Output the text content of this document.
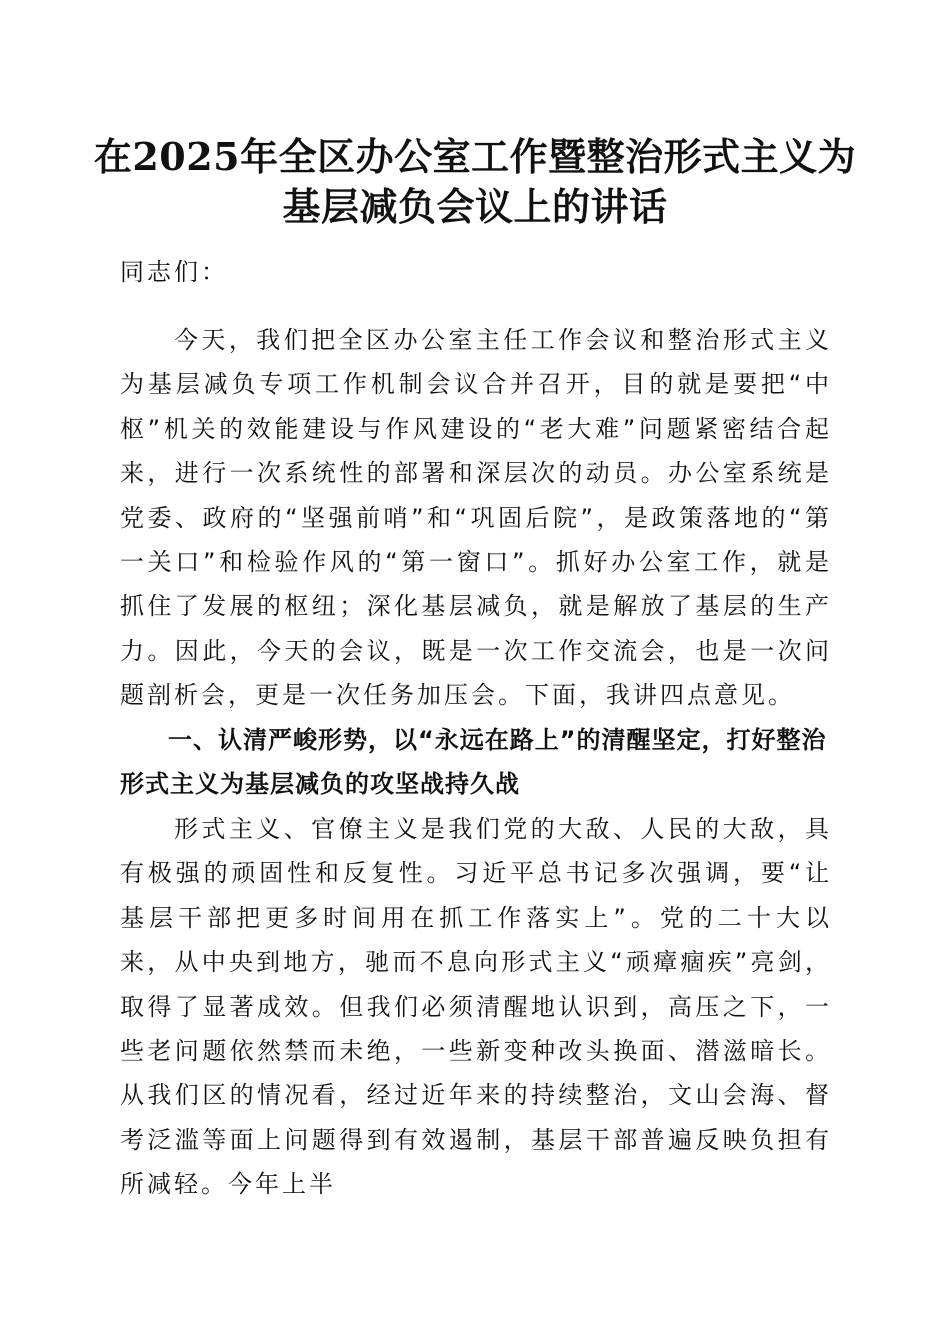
在2025年全区办公室工作暨整治形式主义为
基层减负会议上的讲话

同志们：

今天，我们把全区办公室主任工作会议和整治形式主义为基层减负专项工作机制会议合并召开，目的就是要把“中枢”机关的效能建设与作风建设的“老大难”问题紧密结合起来，进行一次系统性的部署和深层次的动员。办公室系统是党委、政府的“坚强前哨”和“巩固后院”，是政策落地的“第一关口”和检验作风的“第一窗口”。抓好办公室工作，就是抓住了发展的枢纽；深化基层减负，就是解放了基层的生产力。因此，今天的会议，既是一次工作交流会，也是一次问题剖析会，更是一次任务加压会。下面，我讲四点意见。

一、认清严峻形势，以“永远在路上”的清醒坚定，打好整治形式主义为基层减负的攻坚战持久战

形式主义、官僚主义是我们党的大敌、人民的大敌，具有极强的顽固性和反复性。习近平总书记多次强调，要“让基层干部把更多时间用在抓工作落实上”。党的二十大以来，从中央到地方，驰而不息向形式主义“顽瘴痼疾”亮剑，取得了显著成效。但我们必须清醒地认识到，高压之下，一些老问题依然禁而未绝，一些新变种改头换面、潜滋暗长。从我们区的情况看，经过近年来的持续整治，文山会海、督考泛滥等面上问题得到有效遏制，基层干部普遍反映负担有所减轻。今年上半
